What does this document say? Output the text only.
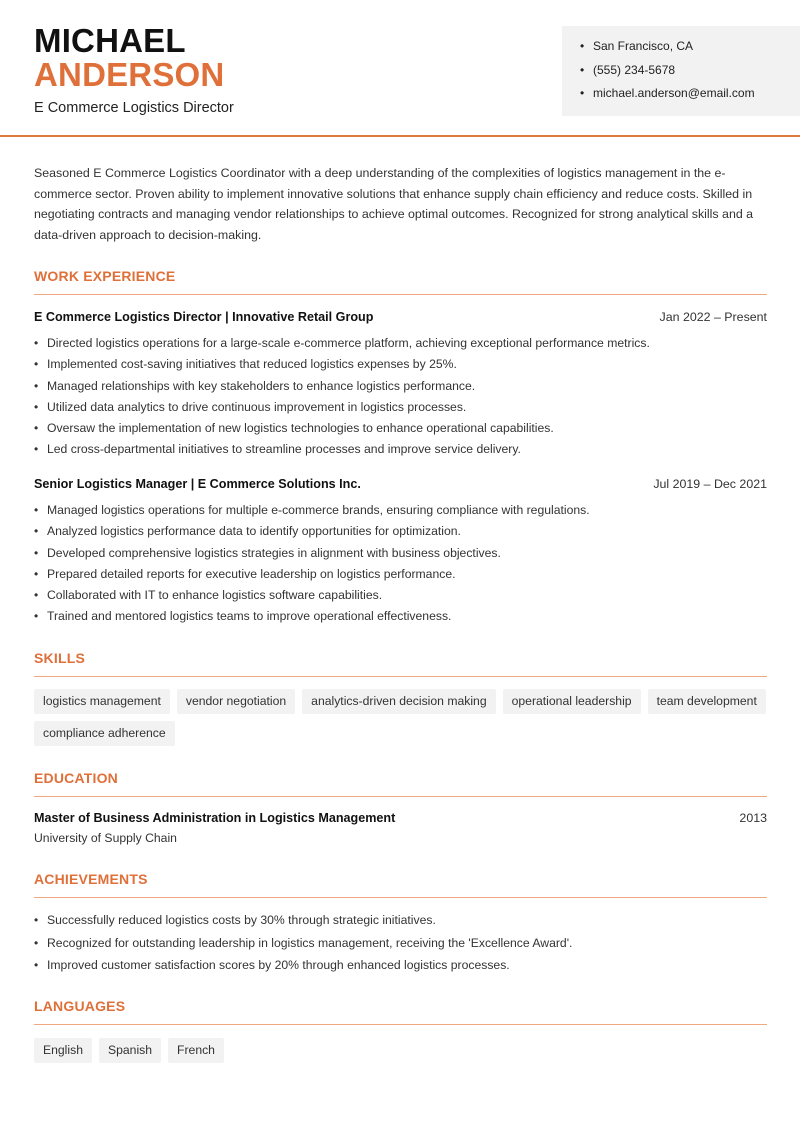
MICHAEL
ANDERSON
E Commerce Logistics Director
• San Francisco, CA
• (555) 234-5678
• michael.anderson@email.com

Seasoned E Commerce Logistics Coordinator with a deep understanding of the complexities of logistics management in the e-commerce sector. Proven ability to implement innovative solutions that enhance supply chain efficiency and reduce costs. Skilled in negotiating contracts and managing vendor relationships to achieve optimal outcomes. Recognized for strong analytical skills and a data-driven approach to decision-making.

WORK EXPERIENCE
E Commerce Logistics Director | Innovative Retail Group	Jan 2022 – Present
• Directed logistics operations for a large-scale e-commerce platform, achieving exceptional performance metrics.
• Implemented cost-saving initiatives that reduced logistics expenses by 25%.
• Managed relationships with key stakeholders to enhance logistics performance.
• Utilized data analytics to drive continuous improvement in logistics processes.
• Oversaw the implementation of new logistics technologies to enhance operational capabilities.
• Led cross-departmental initiatives to streamline processes and improve service delivery.
Senior Logistics Manager | E Commerce Solutions Inc.	Jul 2019 – Dec 2021
• Managed logistics operations for multiple e-commerce brands, ensuring compliance with regulations.
• Analyzed logistics performance data to identify opportunities for optimization.
• Developed comprehensive logistics strategies in alignment with business objectives.
• Prepared detailed reports for executive leadership on logistics performance.
• Collaborated with IT to enhance logistics software capabilities.
• Trained and mentored logistics teams to improve operational effectiveness.
SKILLS
logistics management	vendor negotiation	analytics-driven decision making	operational leadership	team development
compliance adherence
EDUCATION
Master of Business Administration in Logistics Management	2013
University of Supply Chain
ACHIEVEMENTS
• Successfully reduced logistics costs by 30% through strategic initiatives.
• Recognized for outstanding leadership in logistics management, receiving the 'Excellence Award'.
• Improved customer satisfaction scores by 20% through enhanced logistics processes.
LANGUAGES
English	Spanish	French
